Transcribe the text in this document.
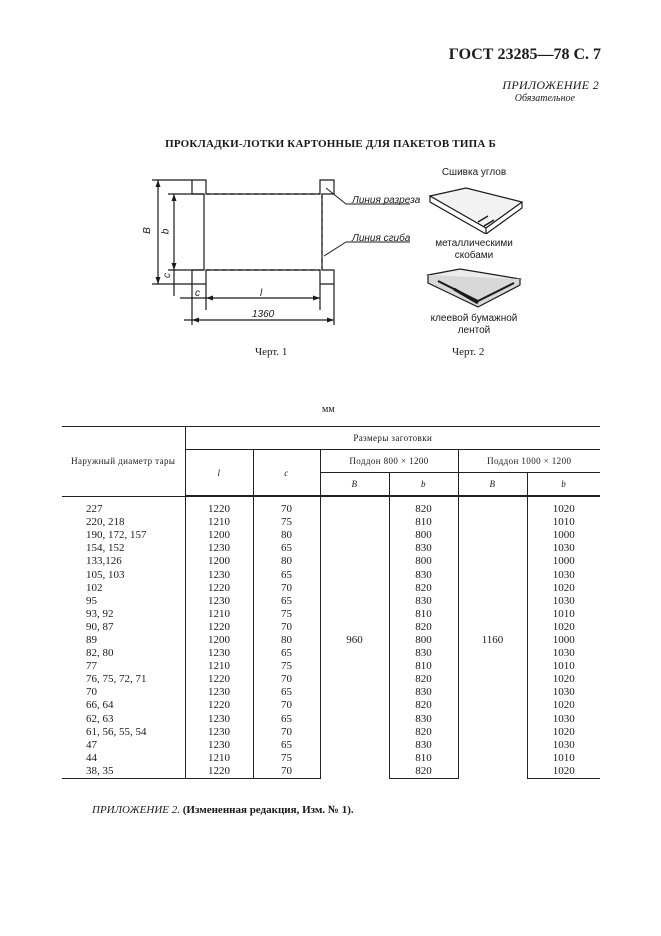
ГОСТ 23285—78 С. 7
ПРИЛОЖЕНИЕ 2
Обязательное
ПРОКЛАДКИ-ЛОТКИ КАРТОННЫЕ ДЛЯ ПАКЕТОВ ТИПА Б
Линия разреза
Линия сгиба
B b
c
c	l
1360
Черт. 1
Сшивка углов
металлическими
скобами
клеевой бумажной
лентой
Черт. 2
мм
Наружный диаметр тары	Размеры заготовки					
	l	c	Поддон 800 × 1200		Поддон 1000 × 1200	
			B	b	B	b
227	1220	70	960	820	1160	1020
220, 218	1210	75		810		1010
190, 172, 157	1200	80		800		1000
154, 152	1230	65		830		1030
133,126	1200	80		800		1000
105, 103	1230	65		830		1030
102	1220	70		820		1020
95	1230	65		830		1030
93, 92	1210	75		810		1010
90, 87	1220	70		820		1020
89	1200	80		800		1000
82, 80	1230	65		830		1030
77	1210	75		810		1010
76, 75, 72, 71	1220	70		820		1020
70	1230	65		830		1030
66, 64	1220	70		820		1020
62, 63	1230	65		830		1030
61, 56, 55, 54	1230	70		820		1020
47	1230	65		830		1030
44	1210	75		810		1010
38, 35	1220	70		820		1020
ПРИЛОЖЕНИЕ 2. (Измененная редакция, Изм. № 1).
